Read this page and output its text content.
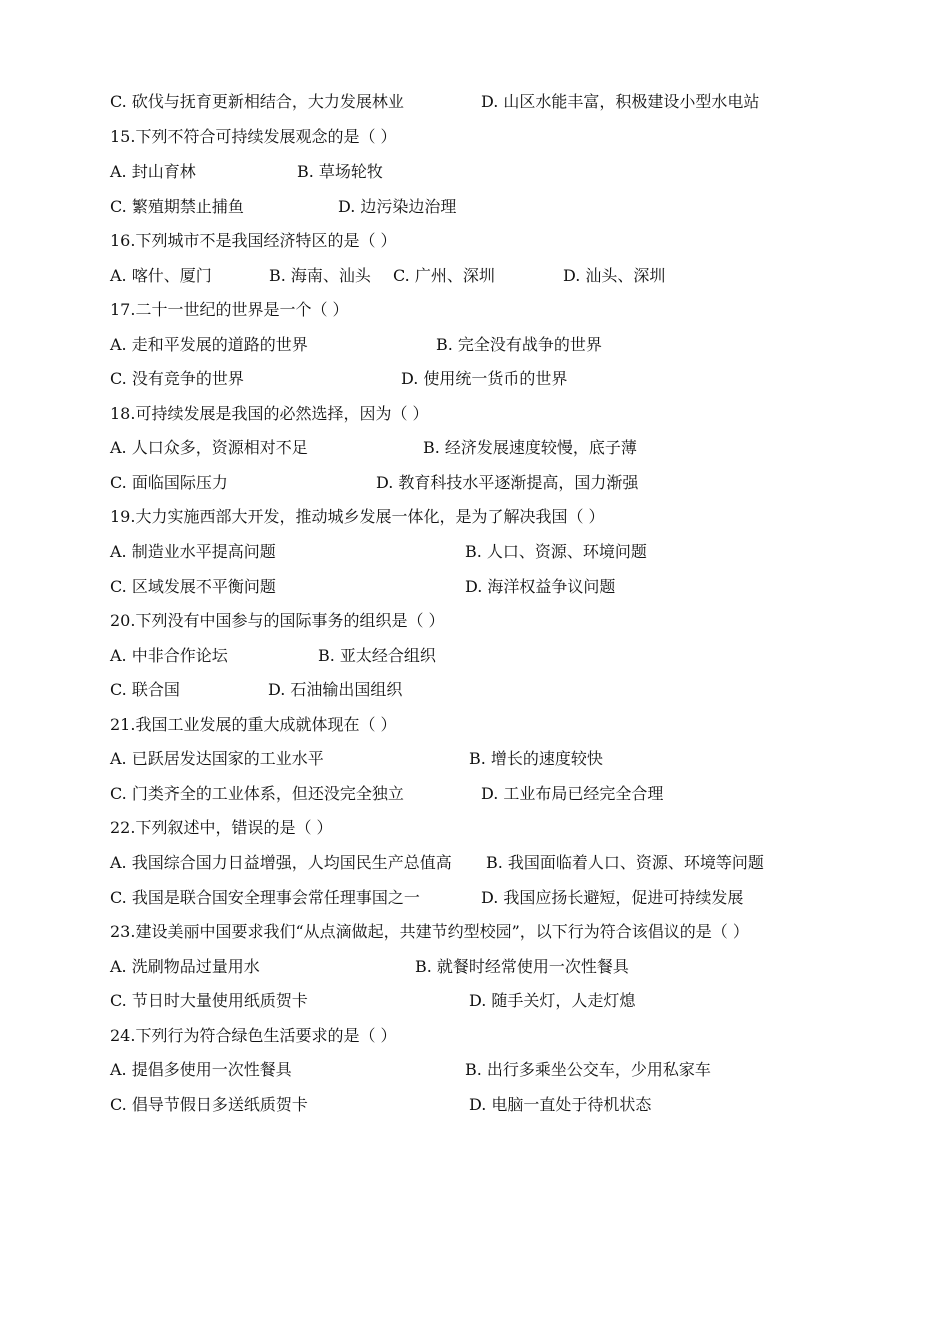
C. 砍伐与抚育更新相结合，大力发展林业	D. 山区水能丰富，积极建设小型水电站
15.下列不符合可持续发展观念的是（ ）
A. 封山育林	B. 草场轮牧
C. 繁殖期禁止捕鱼	D. 边污染边治理
16.下列城市不是我国经济特区的是（ ）
A. 喀什、厦门	B. 海南、汕头 C. 广州、深圳	D. 汕头、深圳
17.二十一世纪的世界是一个（ ）
A. 走和平发展的道路的世界	B. 完全没有战争的世界
C. 没有竞争的世界	D. 使用统一货币的世界
18.可持续发展是我国的必然选择，因为（ ）
A. 人口众多，资源相对不足	B. 经济发展速度较慢，底子薄
C. 面临国际压力	D. 教育科技水平逐渐提高，国力渐强
19.大力实施西部大开发，推动城乡发展一体化，是为了解决我国（ ）
A. 制造业水平提高问题	B. 人口、资源、环境问题
C. 区域发展不平衡问题	D. 海洋权益争议问题
20.下列没有中国参与的国际事务的组织是（ ）
A. 中非合作论坛	B. 亚太经合组织
C. 联合国	D. 石油输出国组织
21.我国工业发展的重大成就体现在（ ）
A. 已跃居发达国家的工业水平	B. 增长的速度较快
C. 门类齐全的工业体系，但还没完全独立	D. 工业布局已经完全合理
22.下列叙述中，错误的是（ ）
A. 我国综合国力日益增强，人均国民生产总值高 B. 我国面临着人口、资源、环境等问题
C. 我国是联合国安全理事会常任理事国之一	D. 我国应扬长避短，促进可持续发展
23.建设美丽中国要求我们“从点滴做起，共建节约型校园”，以下行为符合该倡议的是（ ）
A. 洗刷物品过量用水	B. 就餐时经常使用一次性餐具
C. 节日时大量使用纸质贺卡	D. 随手关灯，人走灯熄
24.下列行为符合绿色生活要求的是（ ）
A. 提倡多使用一次性餐具	B. 出行多乘坐公交车，少用私家车
C. 倡导节假日多送纸质贺卡	D. 电脑一直处于待机状态
